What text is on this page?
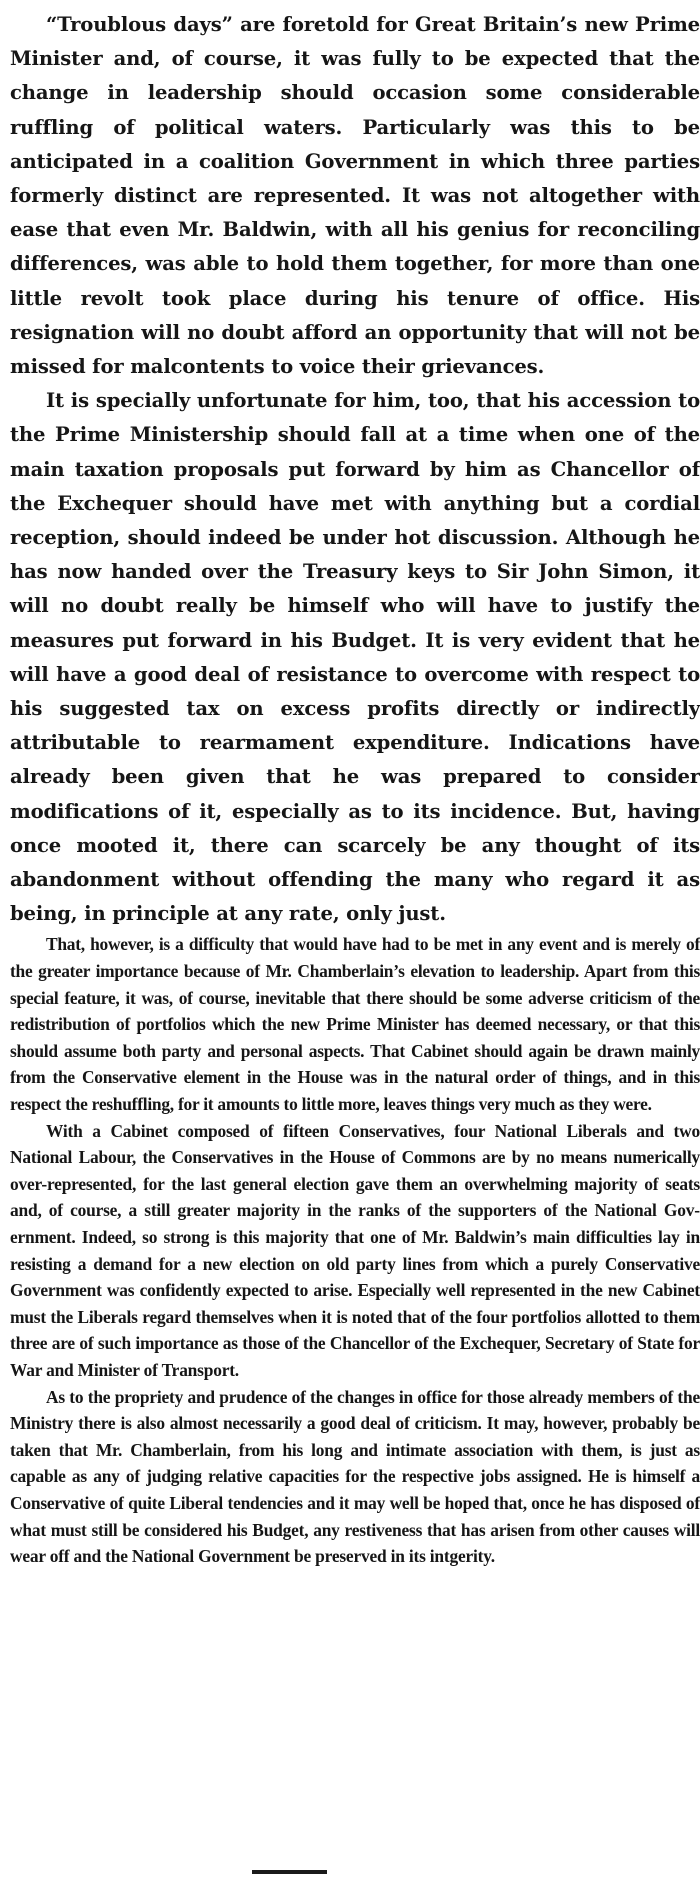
“Troublous days” are foretold for Great Britain’s new Prime Minister and, of course, it was fully to be expected that the change in leadership should occasion some considerable ruffling of political waters. Particularly was this to be anticipated in a coalition Government in which three parties formerly distinct are represented. It was not altogether with ease that even Mr. Baldwin, with all his genius for reconciling differences, was able to hold them together, for more than one little revolt took place during his tenure of office. His resignation will no doubt afford an opportunity that will not be missed for malcontents to voice their grievances.

It is specially unfortunate for him, too, that his accession to the Prime Ministership should fall at a time when one of the main taxation proposals put forward by him as Chancellor of the Exchequer should have met with anything but a cordial reception, should indeed be under hot discussion. Although he has now handed over the Treasury keys to Sir John Simon, it will no doubt really be himself who will have to justify the measures put forward in his Budget. It is very evident that he will have a good deal of resistance to overcome with respect to his suggested tax on excess profits directly or indirectly attributable to rearmament expenditure. Indications have already been given that he was prepared to consider modifications of it, especially as to its incidence. But, having once mooted it, there can scarcely be any thought of its abandonment without offending the many who regard it as being, in principle at any rate, only just.

That, however, is a difficulty that would have had to be met in any event and is merely of the greater importance because of Mr. Chamberlain’s elevation to leadership. Apart from this special feature, it was, of course, inevitable that there should be some adverse criticism of the redistribution of portfolios which the new Prime Minister has deemed necessary, or that this should assume both party and personal aspects. That Cabinet should again be drawn mainly from the Conservative element in the House was in the natural order of things, and in this respect the reshuffling, for it amounts to little more, leaves things very much as they were.

With a Cabinet composed of fifteen Conservatives, four National Liberals and two National Labour, the Conservatives in the House of Commons are by no means numerically over-represented, for the last general election gave them an overwhelming majority of seats and, of course, a still greater majority in the ranks of the supporters of the National Government. Indeed, so strong is this majority that one of Mr. Baldwin’s main difficulties lay in resisting a demand for a new election on old party lines from which a purely Conservative Government was confidently expected to arise. Especially well represented in the new Cabinet must the Liberals regard themselves when it is noted that of the four portfolios allotted to them three are of such importance as those of the Chancellor of the Exchequer, Secretary of State for War and Minister of Transport.

As to the propriety and prudence of the changes in office for those already members of the Ministry there is also almost necessarily a good deal of criticism. It may, however, probably be taken that Mr. Chamberlain, from his long and intimate association with them, is just as capable as any of judging relative capacities for the respective jobs assigned. He is himself a Conservative of quite Liberal tendencies and it may well be hoped that, once he has disposed of what must still be considered his Budget, any restiveness that has arisen from other causes will wear off and the National Government be preserved in its intgerity.
